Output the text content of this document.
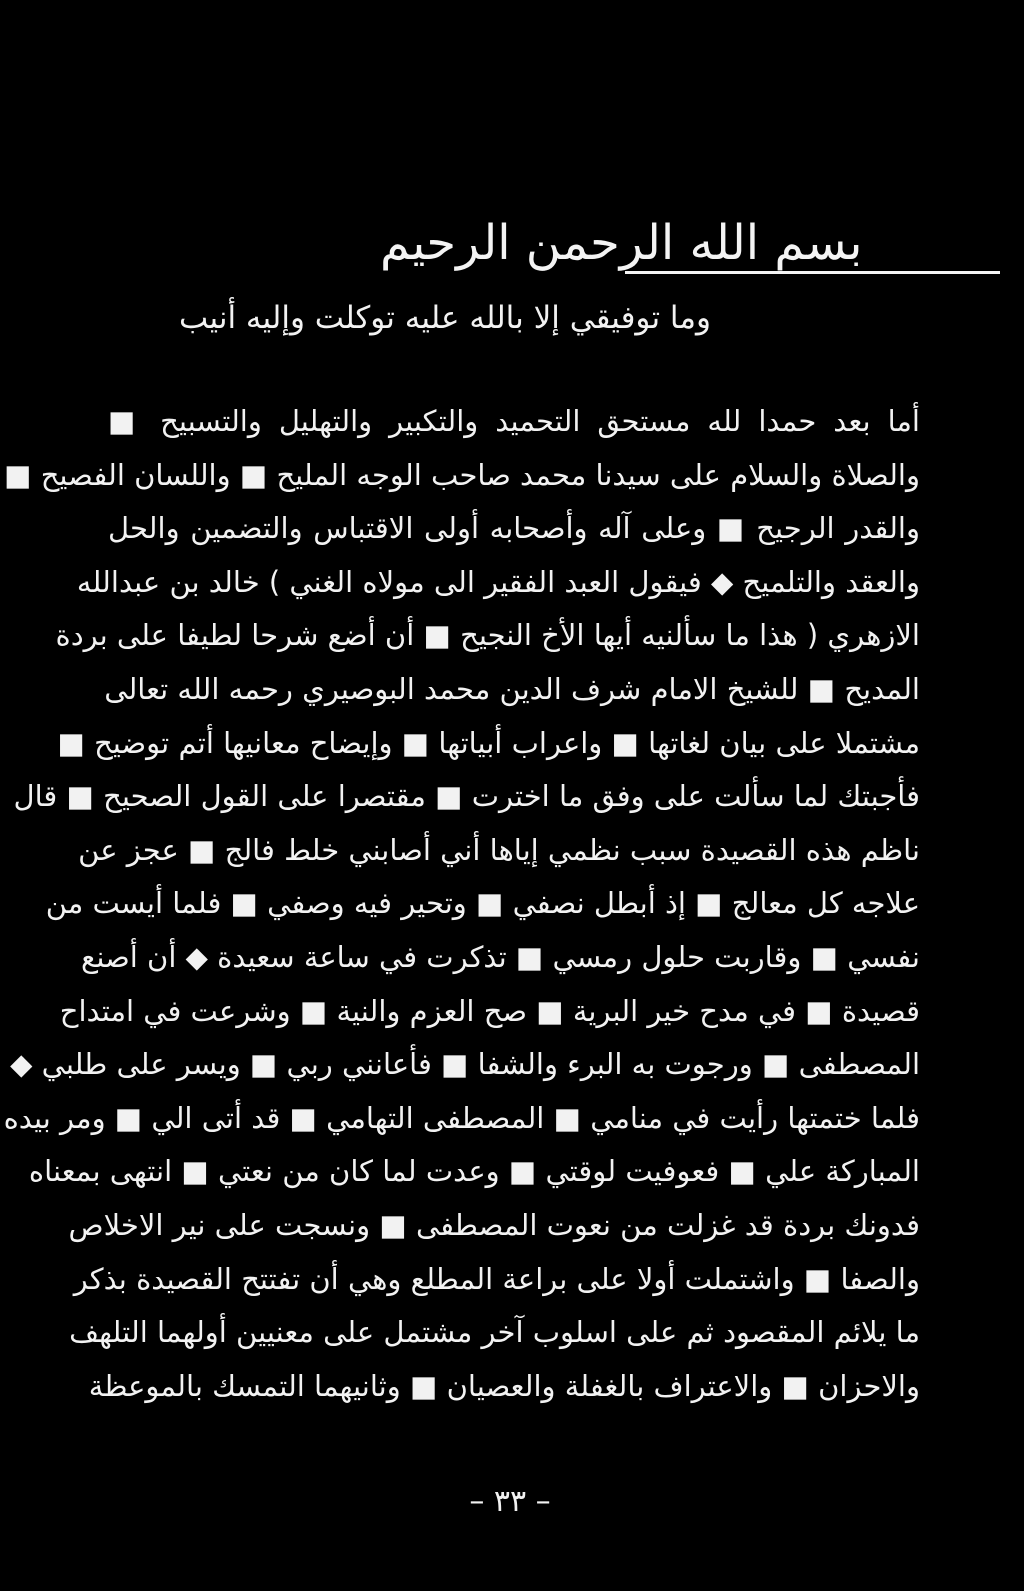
بسم الله الرحمن الرحيم
وما توفيقي إلا بالله عليه توكلت وإليه أنيب
أما بعد حمدا لله مستحق التحميد والتكبير والتهليل والتسبيح ■
والصلاة والسلام على سيدنا محمد صاحب الوجه المليح ■ واللسان الفصيح ■
والقدر الرجيح ■ وعلى آله وأصحابه أولى الاقتباس والتضمين والحل
والعقد والتلميح ◆ فيقول العبد الفقير الى مولاه الغني ) خالد بن عبدالله
الازهري ( هذا ما سألنيه أيها الأخ النجيح ■ أن أضع شرحا لطيفا على بردة
المديح ■ للشيخ الامام شرف الدين محمد البوصيري رحمه الله تعالى
مشتملا على بيان لغاتها ■ واعراب أبياتها ■ وإيضاح معانيها أتم توضيح ■
فأجبتك لما سألت على وفق ما اخترت ■ مقتصرا على القول الصحيح ■ قال
ناظم هذه القصيدة سبب نظمي إياها أني أصابني خلط فالج ■ عجز عن
علاجه كل معالج ■ إذ أبطل نصفي ■ وتحير فيه وصفي ■ فلما أيست من
نفسي ■ وقاربت حلول رمسي ■ تذكرت في ساعة سعيدة ◆ أن أصنع
قصيدة ■ في مدح خير البرية ■ صح العزم والنية ■ وشرعت في امتداح
المصطفى ■ ورجوت به البرء والشفا ■ فأعانني ربي ■ ويسر على طلبي ◆
فلما ختمتها رأيت في منامي ■ المصطفى التهامي ■ قد أتى الي ■ ومر بيده
المباركة علي ■ فعوفيت لوقتي ■ وعدت لما كان من نعتي ■ انتهى بمعناه
فدونك بردة قد غزلت من نعوت المصطفى ■ ونسجت على نير الاخلاص
والصفا ■ واشتملت أولا على براعة المطلع وهي أن تفتتح القصيدة بذكر
ما يلائم المقصود ثم على اسلوب آخر مشتمل على معنيين أولهما التلهف
والاحزان ■ والاعتراف بالغفلة والعصيان ■ وثانيهما التمسك بالموعظة
– ٣٣ –
